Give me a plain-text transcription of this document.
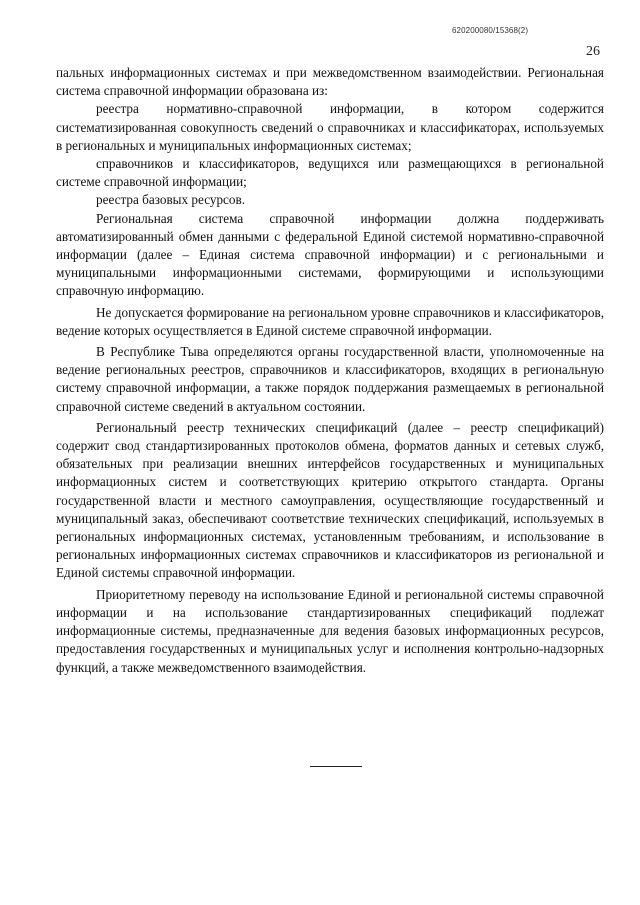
620200080/15368(2)
26

пальных информационных системах и при межведомственном взаимодействии. Региональная система справочной информации образована из:

реестра нормативно-справочной информации, в котором содержится систематизированная совокупность сведений о справочниках и классификаторах, используемых в региональных и муниципальных информационных системах;

справочников и классификаторов, ведущихся или размещающихся в региональной системе справочной информации;

реестра базовых ресурсов.

Региональная система справочной информации должна поддерживать автоматизированный обмен данными с федеральной Единой системой нормативно-справочной информации (далее – Единая система справочной информации) и с региональными и муниципальными информационными системами, формирующими и использующими справочную информацию.

Не допускается формирование на региональном уровне справочников и классификаторов, ведение которых осуществляется в Единой системе справочной информации.

В Республике Тыва определяются органы государственной власти, уполномоченные на ведение региональных реестров, справочников и классификаторов, входящих в региональную систему справочной информации, а также порядок поддержания размещаемых в региональной справочной системе сведений в актуальном состоянии.

Региональный реестр технических спецификаций (далее – реестр спецификаций) содержит свод стандартизированных протоколов обмена, форматов данных и сетевых служб, обязательных при реализации внешних интерфейсов государственных и муниципальных информационных систем и соответствующих критерию открытого стандарта. Органы государственной власти и местного самоуправления, осуществляющие государственный и муниципальный заказ, обеспечивают соответствие технических спецификаций, используемых в региональных информационных системах, установленным требованиям, и использование в региональных информационных системах справочников и классификаторов из региональной и Единой системы справочной информации.

Приоритетному переводу на использование Единой и региональной системы справочной информации и на использование стандартизированных спецификаций подлежат информационные системы, предназначенные для ведения базовых информационных ресурсов, предоставления государственных и муниципальных услуг и исполнения контрольно-надзорных функций, а также межведомственного взаимодействия.
